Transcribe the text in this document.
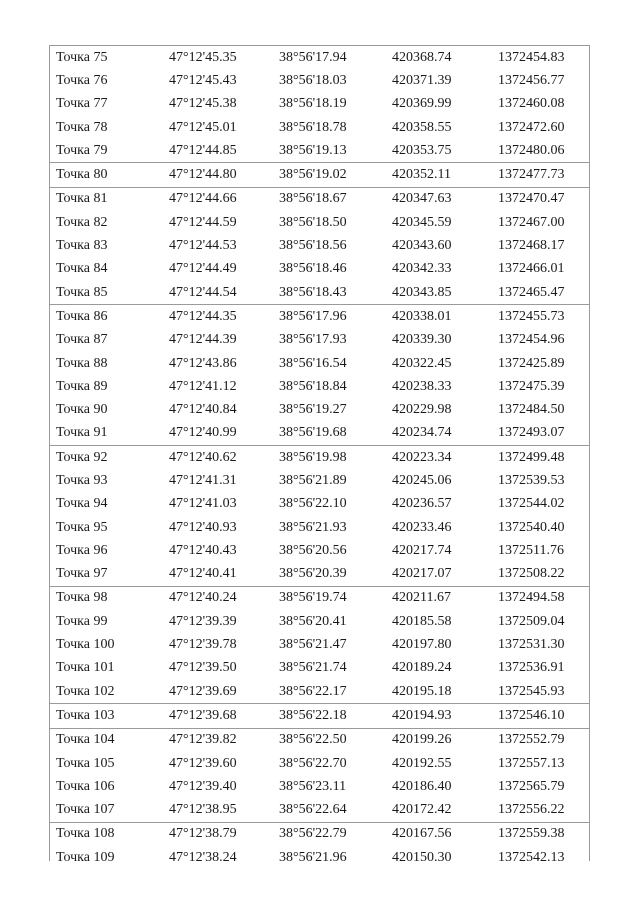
Точка 75	47°12'45.35	38°56'17.94	420368.74	1372454.83
Точка 76	47°12'45.43	38°56'18.03	420371.39	1372456.77
Точка 77	47°12'45.38	38°56'18.19	420369.99	1372460.08
Точка 78	47°12'45.01	38°56'18.78	420358.55	1372472.60
Точка 79	47°12'44.85	38°56'19.13	420353.75	1372480.06
Точка 80	47°12'44.80	38°56'19.02	420352.11	1372477.73
Точка 81	47°12'44.66	38°56'18.67	420347.63	1372470.47
Точка 82	47°12'44.59	38°56'18.50	420345.59	1372467.00
Точка 83	47°12'44.53	38°56'18.56	420343.60	1372468.17
Точка 84	47°12'44.49	38°56'18.46	420342.33	1372466.01
Точка 85	47°12'44.54	38°56'18.43	420343.85	1372465.47
Точка 86	47°12'44.35	38°56'17.96	420338.01	1372455.73
Точка 87	47°12'44.39	38°56'17.93	420339.30	1372454.96
Точка 88	47°12'43.86	38°56'16.54	420322.45	1372425.89
Точка 89	47°12'41.12	38°56'18.84	420238.33	1372475.39
Точка 90	47°12'40.84	38°56'19.27	420229.98	1372484.50
Точка 91	47°12'40.99	38°56'19.68	420234.74	1372493.07
Точка 92	47°12'40.62	38°56'19.98	420223.34	1372499.48
Точка 93	47°12'41.31	38°56'21.89	420245.06	1372539.53
Точка 94	47°12'41.03	38°56'22.10	420236.57	1372544.02
Точка 95	47°12'40.93	38°56'21.93	420233.46	1372540.40
Точка 96	47°12'40.43	38°56'20.56	420217.74	1372511.76
Точка 97	47°12'40.41	38°56'20.39	420217.07	1372508.22
Точка 98	47°12'40.24	38°56'19.74	420211.67	1372494.58
Точка 99	47°12'39.39	38°56'20.41	420185.58	1372509.04
Точка 100	47°12'39.78	38°56'21.47	420197.80	1372531.30
Точка 101	47°12'39.50	38°56'21.74	420189.24	1372536.91
Точка 102	47°12'39.69	38°56'22.17	420195.18	1372545.93
Точка 103	47°12'39.68	38°56'22.18	420194.93	1372546.10
Точка 104	47°12'39.82	38°56'22.50	420199.26	1372552.79
Точка 105	47°12'39.60	38°56'22.70	420192.55	1372557.13
Точка 106	47°12'39.40	38°56'23.11	420186.40	1372565.79
Точка 107	47°12'38.95	38°56'22.64	420172.42	1372556.22
Точка 108	47°12'38.79	38°56'22.79	420167.56	1372559.38
Точка 109	47°12'38.24	38°56'21.96	420150.30	1372542.13
